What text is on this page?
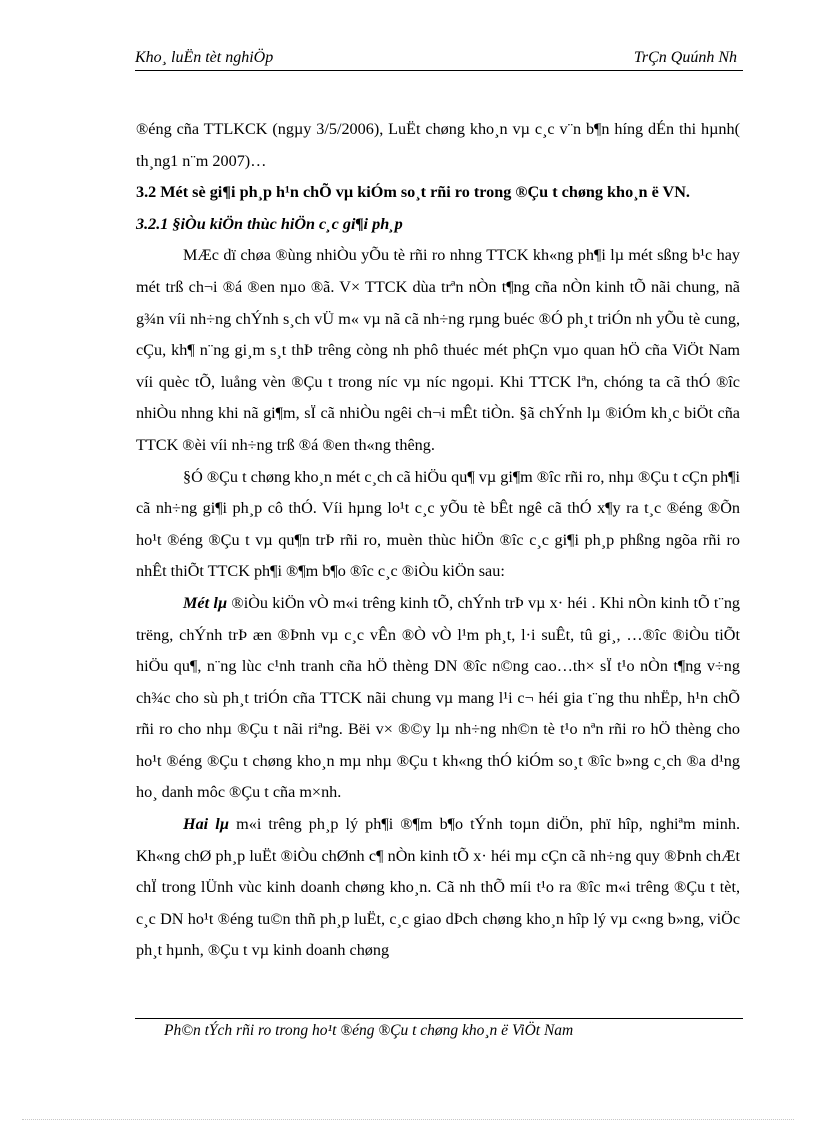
Kho¸ luËn tèt nghiÖp	TrÇn Quúnh Nh

®éng cña TTLKCK (ngµy 3/5/2006), LuËt chøng kho¸n vµ c¸c v¨n b¶n híng dÉn thi hµnh( th¸ng1 n¨m 2007)…

3.2 Mét sè gi¶i ph¸p h¹n chÕ vµ kiÓm so¸t rñi ro trong ®Çu t chøng kho¸n ë VN.

3.2.1 §iÒu kiÖn thùc hiÖn c¸c gi¶i ph¸p

MÆc dï chøa ®ùng nhiÒu yÕu tè rñi ro nhng TTCK kh«ng ph¶i lµ mét sßng b¹c hay mét trß ch¬i ®á ®en nµo ®ã. V× TTCK dùa trªn nÒn t¶ng cña nÒn kinh tÕ nãi chung, nã g¾n víi nh÷ng chÝnh s¸ch vÜ m« vµ nã cã nh÷ng rµng buéc ®Ó ph¸t triÓn nh yÕu tè cung, cÇu, kh¶ n¨ng gi¸m s¸t thÞ trêng còng nh phô thuéc mét phÇn vµo quan hÖ cña ViÖt Nam víi quèc tÕ, luång vèn ®Çu t trong níc vµ níc ngoµi. Khi TTCK lªn, chóng ta cã thÓ ®îc nhiÒu nhng khi nã gi¶m, sÏ cã nhiÒu ngêi ch¬i mÊt tiÒn. §ã chÝnh lµ ®iÓm kh¸c biÖt cña TTCK ®èi víi nh÷ng trß ®á ®en th«ng thêng.

§Ó ®Çu t chøng kho¸n mét c¸ch cã hiÖu qu¶ vµ gi¶m ®îc rñi ro, nhµ ®Çu t cÇn ph¶i cã nh÷ng gi¶i ph¸p cô thÓ. Víi hµng lo¹t c¸c yÕu tè bÊt ngê cã thÓ x¶y ra t¸c ®éng ®Õn ho¹t ®éng ®Çu t vµ qu¶n trÞ rñi ro, muèn thùc hiÖn ®îc c¸c gi¶i ph¸p phßng ngõa rñi ro nhÊt thiÕt TTCK ph¶i ®¶m b¶o ®îc c¸c ®iÒu kiÖn sau:

Mét lµ ®iÒu kiÖn vÒ m«i trêng kinh tÕ, chÝnh trÞ vµ x· héi . Khi nÒn kinh tÕ t¨ng trëng, chÝnh trÞ æn ®Þnh vµ c¸c vÊn ®Ò vÒ l¹m ph¸t, l·i suÊt, tû gi¸, …®îc ®iÒu tiÕt hiÖu qu¶, n¨ng lùc c¹nh tranh cña hÖ thèng DN ®îc n©ng cao…th× sÏ t¹o nÒn t¶ng v÷ng ch¾c cho sù ph¸t triÓn cña TTCK nãi chung vµ mang l¹i c¬ héi gia t¨ng thu nhËp, h¹n chÕ rñi ro cho nhµ ®Çu t nãi riªng. Bëi v× ®©y lµ nh÷ng nh©n tè t¹o nªn rñi ro hÖ thèng cho ho¹t ®éng ®Çu t chøng kho¸n mµ nhµ ®Çu t kh«ng thÓ kiÓm so¸t ®îc b»ng c¸ch ®a d¹ng ho¸ danh môc ®Çu t cña m×nh.

Hai lµ m«i trêng ph¸p lý ph¶i ®¶m b¶o tÝnh toµn diÖn, phï hîp, nghiªm minh. Kh«ng chØ ph¸p luËt ®iÒu chØnh c¶ nÒn kinh tÕ x· héi mµ cÇn cã nh÷ng quy ®Þnh chÆt chÏ trong lÜnh vùc kinh doanh chøng kho¸n. Cã nh thÕ míi t¹o ra ®îc m«i trêng ®Çu t tèt, c¸c DN ho¹t ®éng tu©n thñ ph¸p luËt, c¸c giao dÞch chøng kho¸n hîp lý vµ c«ng b»ng, viÖc ph¸t hµnh, ®Çu t vµ kinh doanh chøng

Ph©n tÝch rñi ro trong ho¹t ®éng ®Çu t chøng kho¸n ë ViÖt Nam
